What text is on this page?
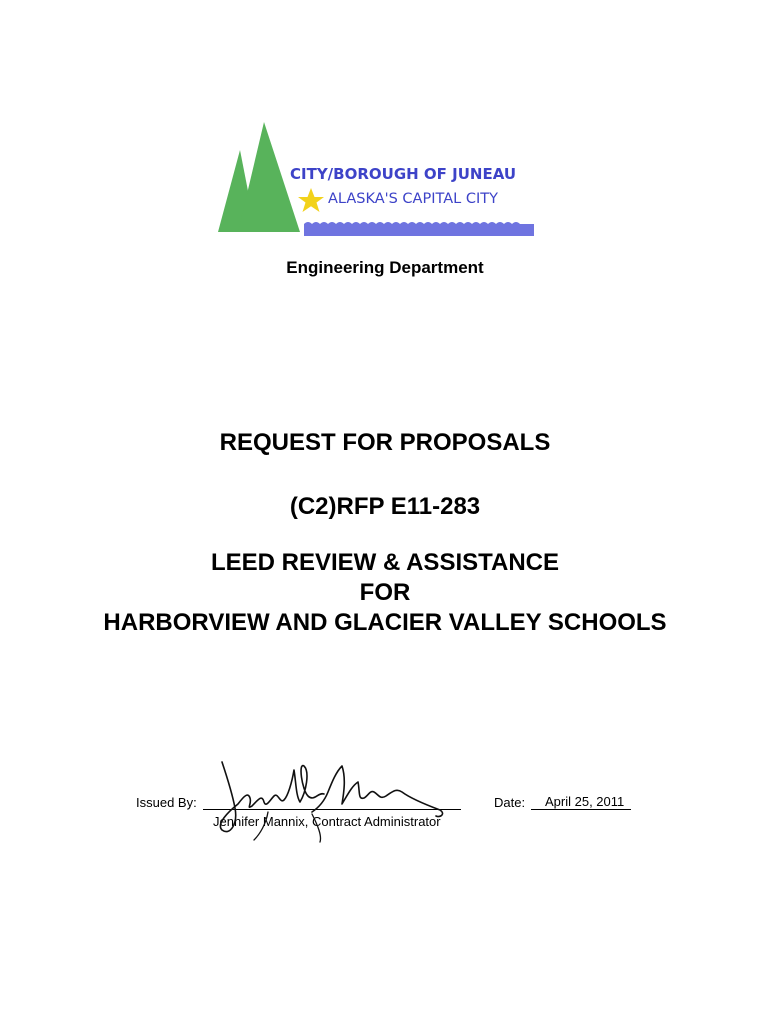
CITY/BOROUGH OF JUNEAU
ALASKA'S CAPITAL CITY
Engineering Department
REQUEST FOR PROPOSALS
(C2)RFP E11-283
LEED REVIEW & ASSISTANCE
FOR
HARBORVIEW AND GLACIER VALLEY SCHOOLS
Issued By:
Jennifer Mannix, Contract Administrator
Date:	April 25, 2011
